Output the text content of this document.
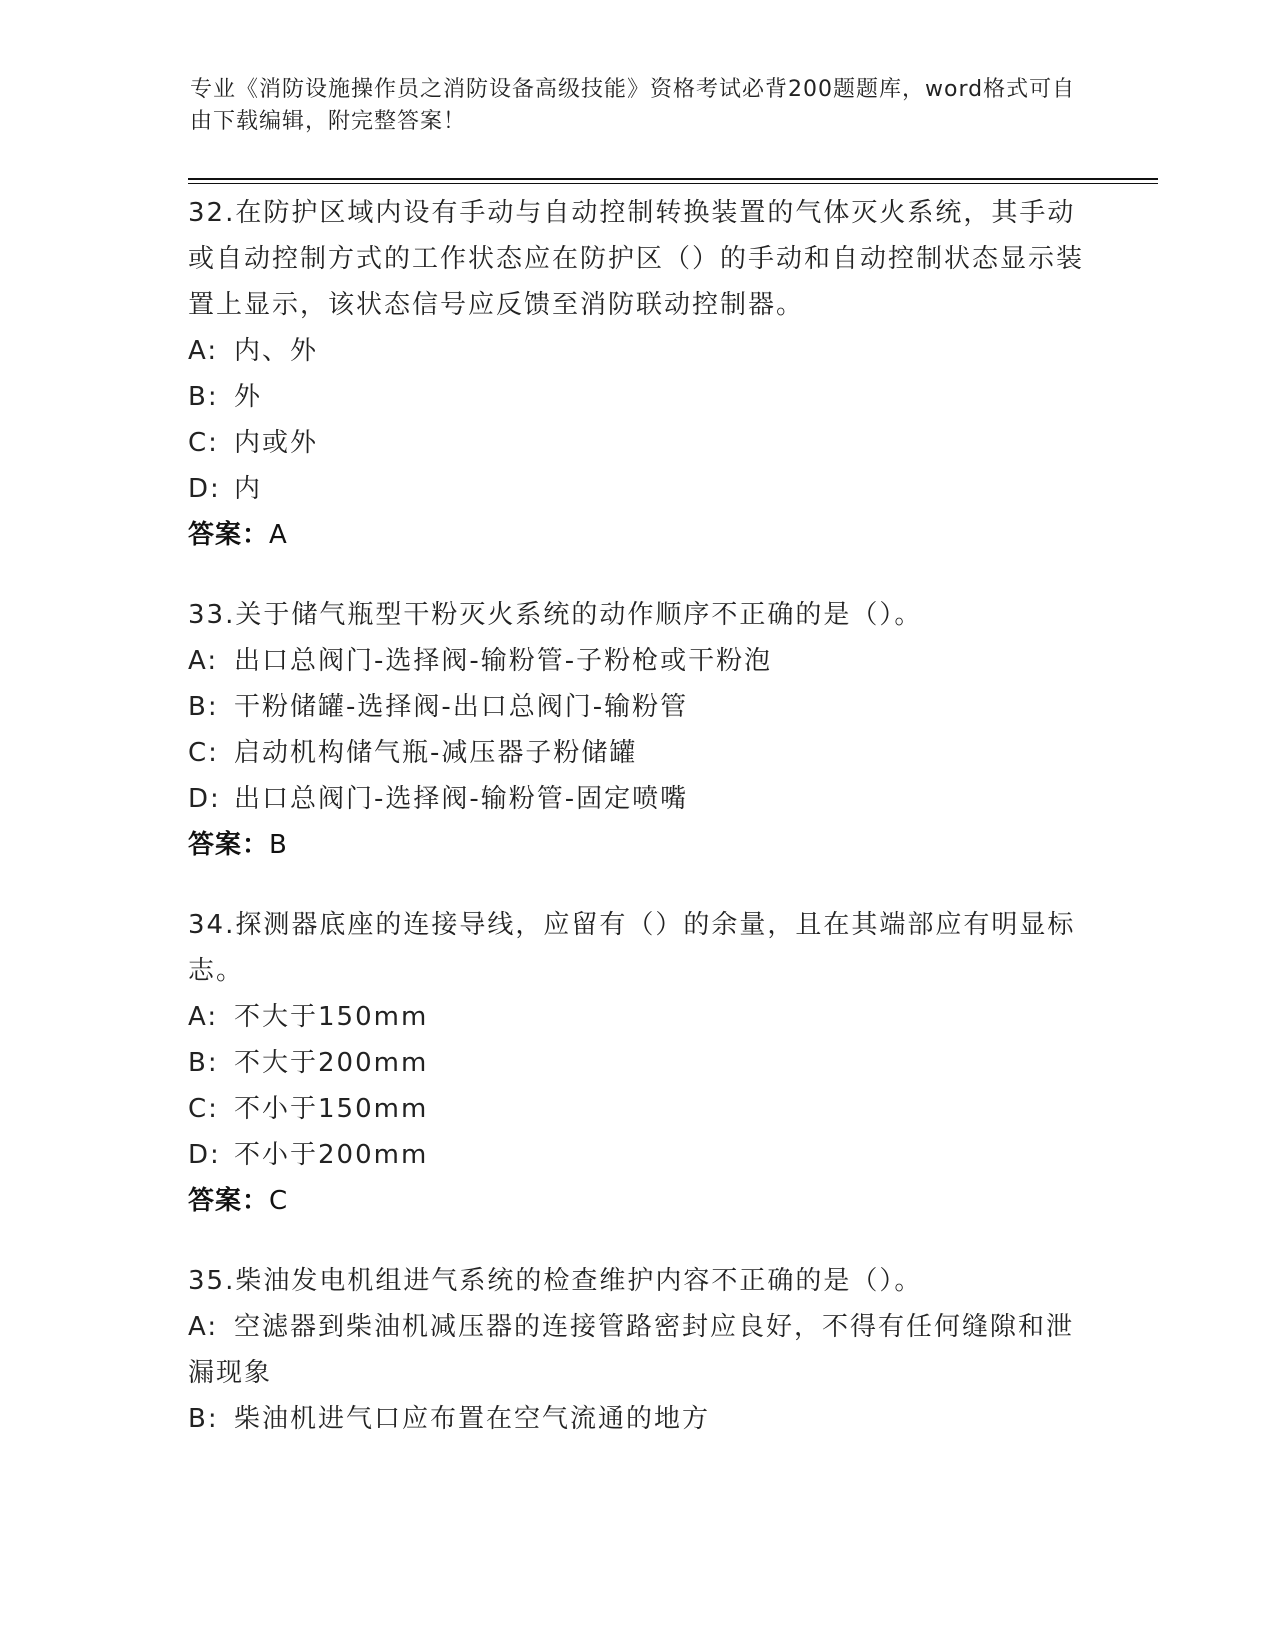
专业《消防设施操作员之消防设备高级技能》资格考试必背200题题库，word格式可自由下载编辑，附完整答案！
32.在防护区域内设有手动与自动控制转换装置的气体灭火系统，其手动或自动控制方式的工作状态应在防护区（）的手动和自动控制状态显示装置上显示，该状态信号应反馈至消防联动控制器。
A: 内、外
B: 外
C: 内或外
D: 内
答案：A
33.关于储气瓶型干粉灭火系统的动作顺序不正确的是（）。
A: 出口总阀门-选择阀-输粉管-子粉枪或干粉泡
B: 干粉储罐-选择阀-出口总阀门-输粉管
C: 启动机构储气瓶-减压器子粉储罐
D: 出口总阀门-选择阀-输粉管-固定喷嘴
答案：B
34.探测器底座的连接导线，应留有（）的余量，且在其端部应有明显标志。
A: 不大于150mm
B: 不大于200mm
C: 不小于150mm
D: 不小于200mm
答案：C
35.柴油发电机组进气系统的检查维护内容不正确的是（）。
A: 空滤器到柴油机减压器的连接管路密封应良好，不得有任何缝隙和泄漏现象
B: 柴油机进气口应布置在空气流通的地方
